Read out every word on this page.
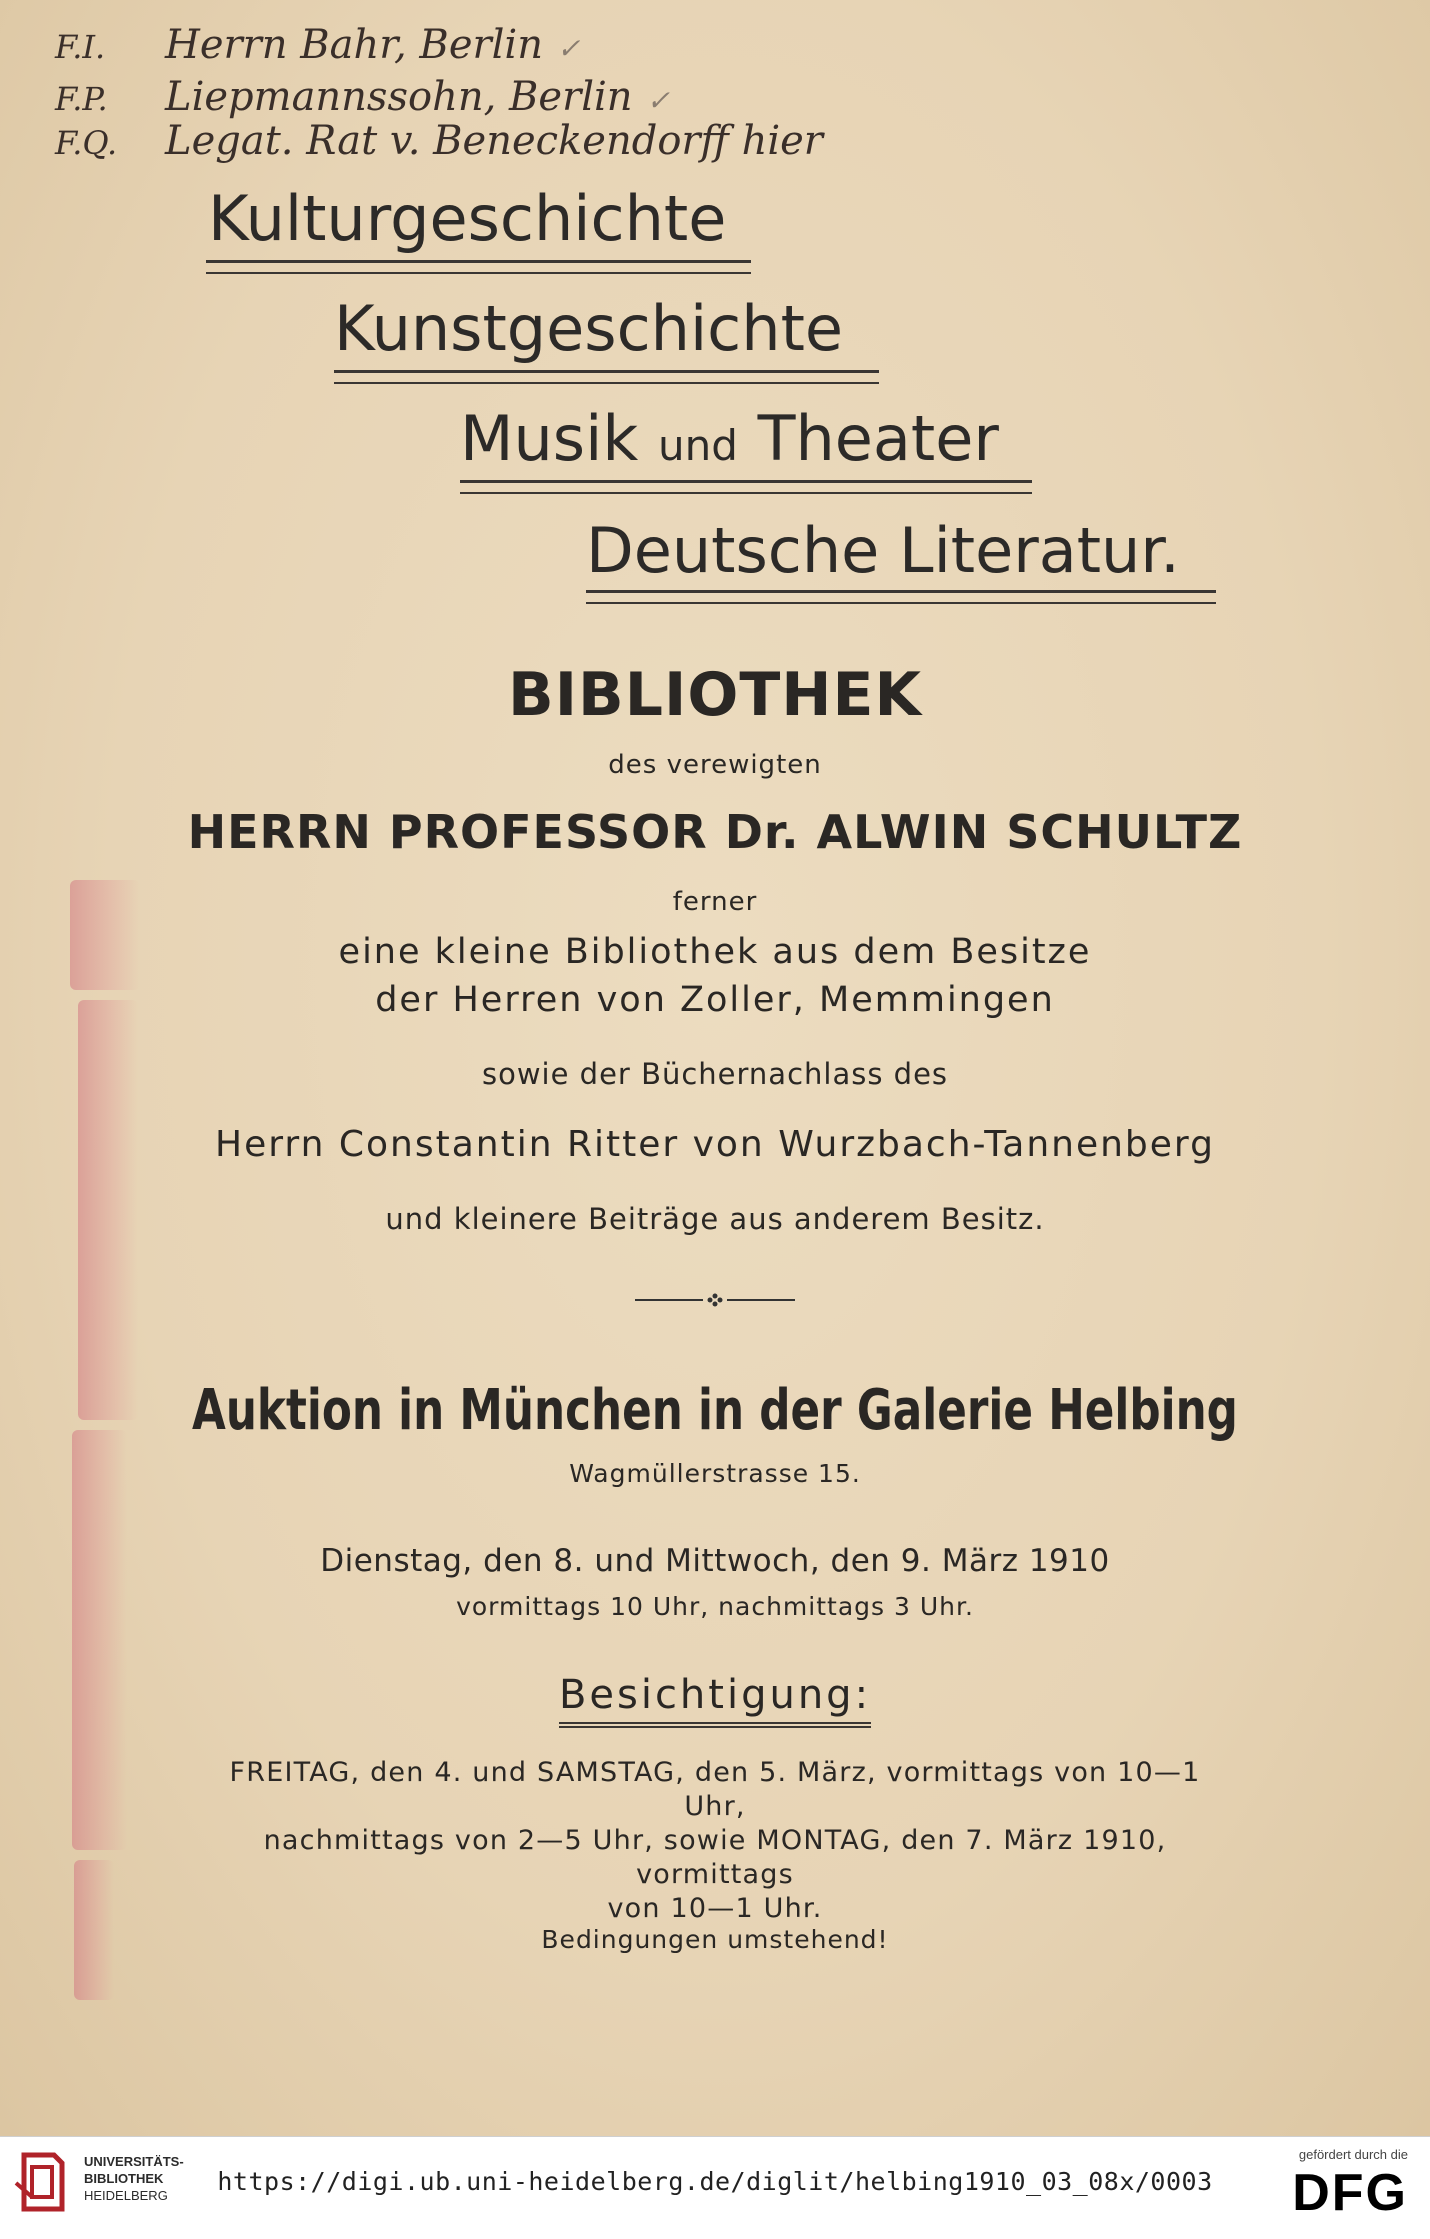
F.I. Herrn Bahr, Berlin ✓
F.P. Liepmannssohn, Berlin ✓
F.Q. Legat. Rat v. Beneckendorff hier
Kulturgeschichte
Kunstgeschichte
Musik und Theater
Deutsche Literatur.
BIBLIOTHEK
des verewigten
HERRN PROFESSOR Dr. ALWIN SCHULTZ
ferner
eine kleine Bibliothek aus dem Besitze
der Herren von Zoller, Memmingen
sowie der Büchernachlass des
Herrn Constantin Ritter von Wurzbach-Tannenberg
und kleinere Beiträge aus anderem Besitz.
Auktion in München in der Galerie Helbing
Wagmüllerstrasse 15.
Dienstag, den 8. und Mittwoch, den 9. März 1910
vormittags 10 Uhr, nachmittags 3 Uhr.
Besichtigung:
FREITAG, den 4. und SAMSTAG, den 5. März, vormittags von 10—1 Uhr,
nachmittags von 2—5 Uhr, sowie MONTAG, den 7. März 1910, vormittags
von 10—1 Uhr.
Bedingungen umstehend!
UNIVERSITÄTS-
BIBLIOTHEK
HEIDELBERG	https://digi.ub.uni-heidelberg.de/diglit/helbing1910_03_08x/0003
gefördert durch die
DFG
